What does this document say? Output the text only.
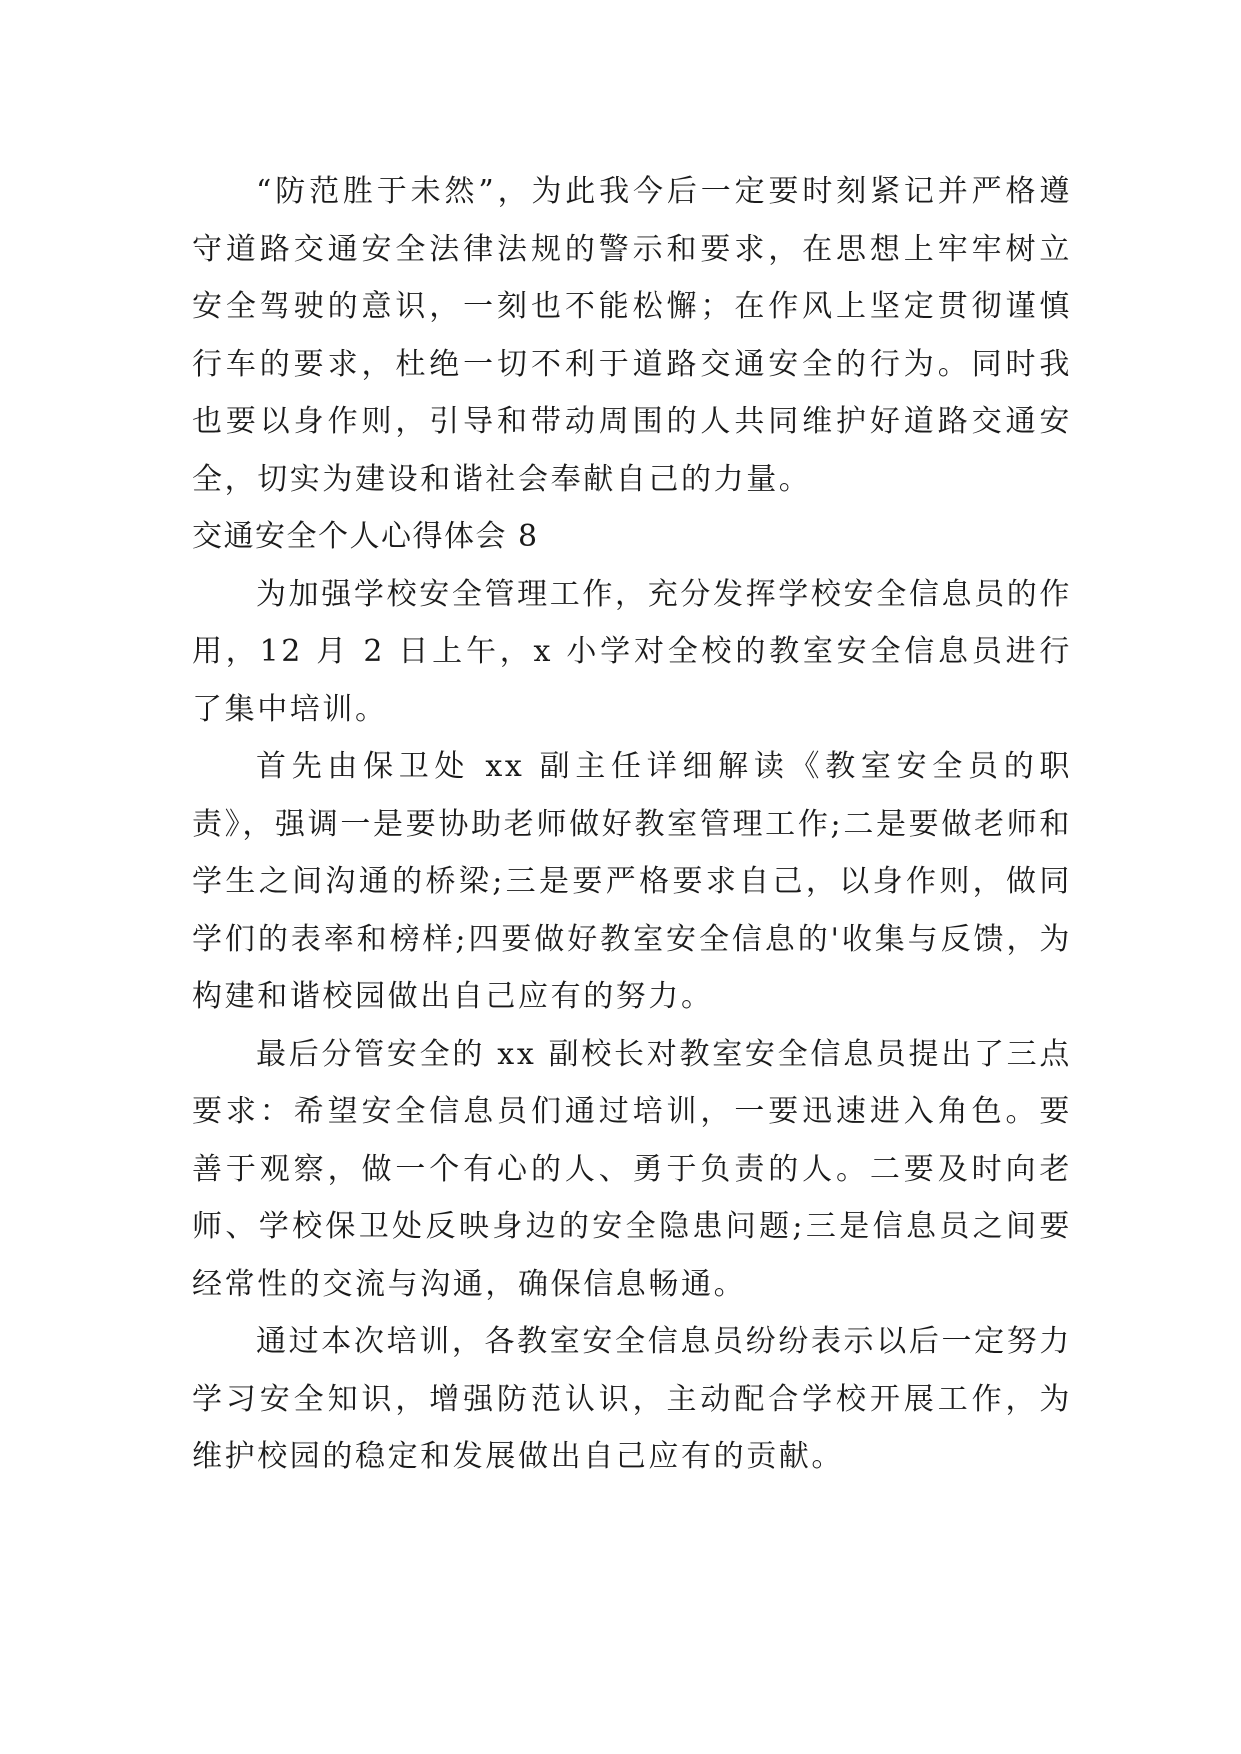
“防范胜于未然”，为此我今后一定要时刻紧记并严格遵守道路交通安全法律法规的警示和要求，在思想上牢牢树立安全驾驶的意识，一刻也不能松懈；在作风上坚定贯彻谨慎行车的要求，杜绝一切不利于道路交通安全的行为。同时我也要以身作则，引导和带动周围的人共同维护好道路交通安全，切实为建设和谐社会奉献自己的力量。

交通安全个人心得体会 8

为加强学校安全管理工作，充分发挥学校安全信息员的作用，12 月 2 日上午，x 小学对全校的教室安全信息员进行了集中培训。

首先由保卫处 xx 副主任详细解读《教室安全员的职责》，强调一是要协助老师做好教室管理工作;二是要做老师和学生之间沟通的桥梁;三是要严格要求自己，以身作则，做同学们的表率和榜样;四要做好教室安全信息的'收集与反馈，为构建和谐校园做出自己应有的努力。

最后分管安全的 xx 副校长对教室安全信息员提出了三点要求：希望安全信息员们通过培训，一要迅速进入角色。要善于观察，做一个有心的人、勇于负责的人。二要及时向老师、学校保卫处反映身边的安全隐患问题;三是信息员之间要经常性的交流与沟通，确保信息畅通。

通过本次培训，各教室安全信息员纷纷表示以后一定努力学习安全知识，增强防范认识，主动配合学校开展工作，为维护校园的稳定和发展做出自己应有的贡献。
